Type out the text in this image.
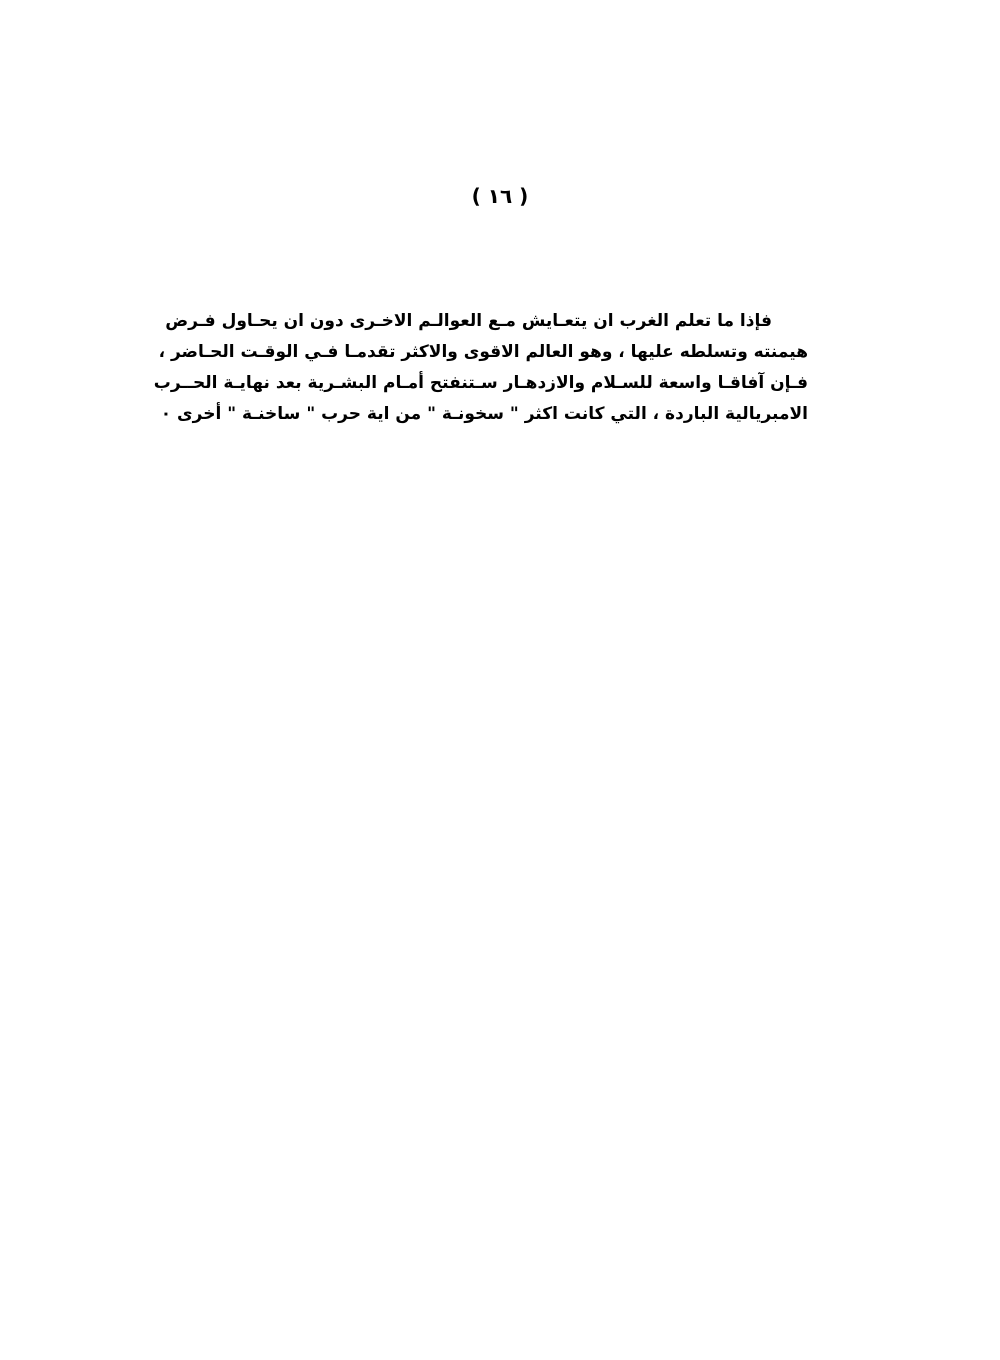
( ١٦ )
فإذا ما تعلم الغرب ان يتعـايش مـع العوالـم الاخـرى دون ان يحـاول فـرض
هيمنته وتسلطه عليها ، وهو العالم الاقوى والاكثر تقدمـا فـي الوقـت الحـاضر ،
فـإن آفاقـا واسعة للسـلام والازدهـار سـتنفتح أمـام البشـرية بعد نهايـة الحــرب
الامبريالية الباردة ، التي كانت اكثر " سخونـة " من اية حرب " ساخنـة " أخرى ٠
